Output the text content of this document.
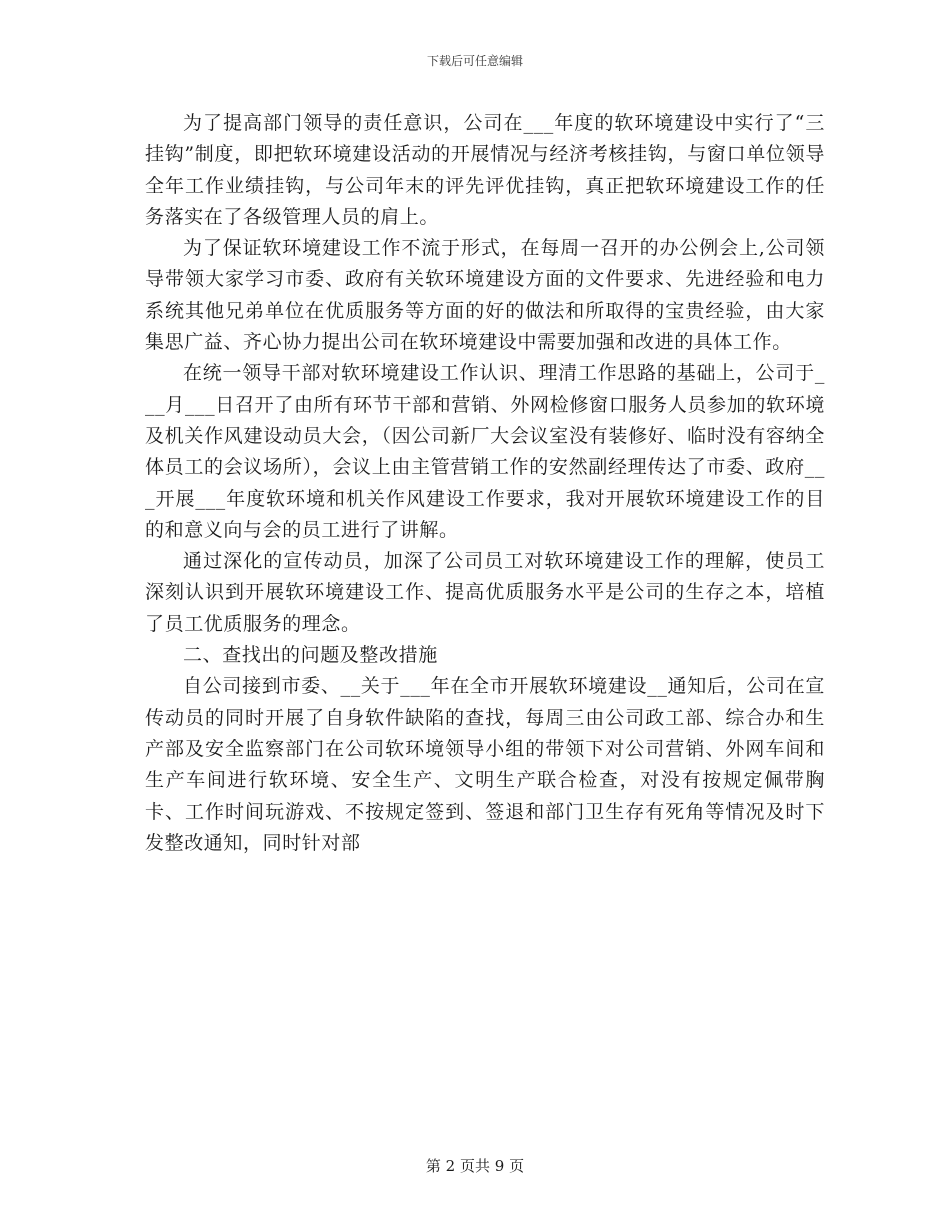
下载后可任意编辑

为了提高部门领导的责任意识，公司在___年度的软环境建设中实行了“三挂钩”制度，即把软环境建设活动的开展情况与经济考核挂钩，与窗口单位领导全年工作业绩挂钩，与公司年末的评先评优挂钩，真正把软环境建设工作的任务落实在了各级管理人员的肩上。

为了保证软环境建设工作不流于形式，在每周一召开的办公例会上,公司领导带领大家学习市委、政府有关软环境建设方面的文件要求、先进经验和电力系统其他兄弟单位在优质服务等方面的好的做法和所取得的宝贵经验，由大家集思广益、齐心协力提出公司在软环境建设中需要加强和改进的具体工作。

在统一领导干部对软环境建设工作认识、理清工作思路的基础上，公司于___月___日召开了由所有环节干部和营销、外网检修窗口服务人员参加的软环境及机关作风建设动员大会，（因公司新厂大会议室没有装修好、临时没有容纳全体员工的会议场所），会议上由主管营销工作的安然副经理传达了市委、政府___开展___年度软环境和机关作风建设工作要求，我对开展软环境建设工作的目的和意义向与会的员工进行了讲解。

通过深化的宣传动员，加深了公司员工对软环境建设工作的理解，使员工深刻认识到开展软环境建设工作、提高优质服务水平是公司的生存之本，培植了员工优质服务的理念。

二、查找出的问题及整改措施

自公司接到市委、__关于___年在全市开展软环境建设__通知后，公司在宣传动员的同时开展了自身软件缺陷的查找，每周三由公司政工部、综合办和生产部及安全监察部门在公司软环境领导小组的带领下对公司营销、外网车间和生产车间进行软环境、安全生产、文明生产联合检查，对没有按规定佩带胸卡、工作时间玩游戏、不按规定签到、签退和部门卫生存有死角等情况及时下发整改通知，同时针对部

第 2 页共 9 页
